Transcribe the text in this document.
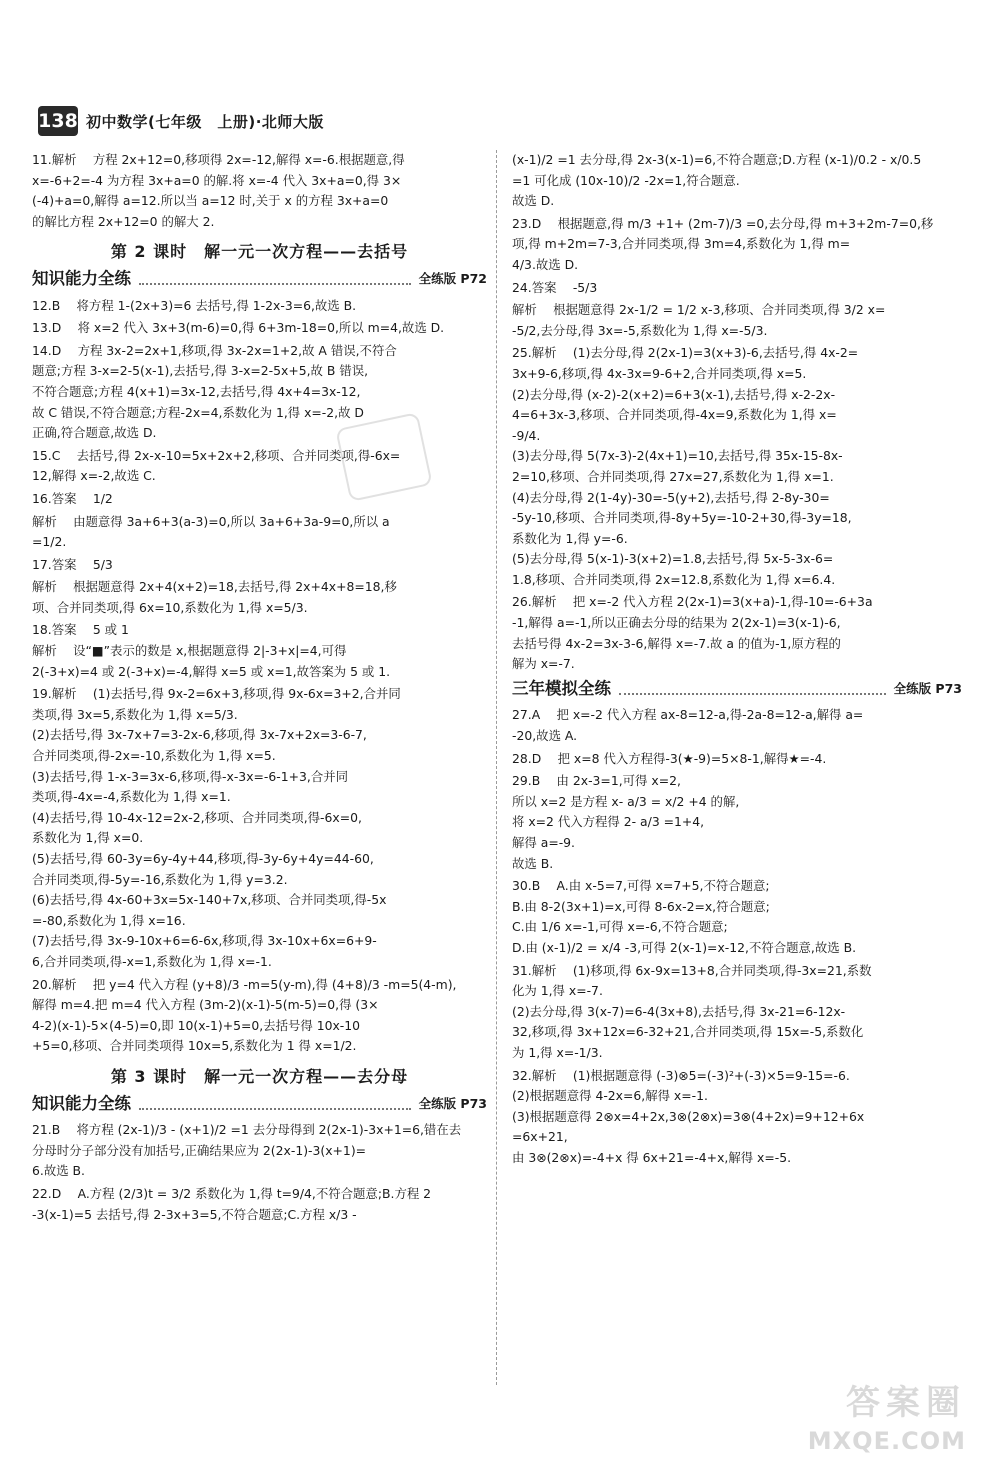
138 初中数学(七年级　上册)·北师大版
11.解析　 方程 2x+12=0,移项得 2x=-12,解得 x=-6.根据题意,得
x=-6+2=-4 为方程 3x+a=0 的解.将 x=-4 代入 3x+a=0,得 3×
(-4)+a=0,解得 a=12.所以当 a=12 时,关于 x 的方程 3x+a=0
的解比方程 2x+12=0 的解大 2.
第 2 课时　解一元一次方程——去括号
知识能力全练	全练版 P72
12.B　 将方程 1-(2x+3)=6 去括号,得 1-2x-3=6,故选 B.
13.D　 将 x=2 代入 3x+3(m-6)=0,得 6+3m-18=0,所以 m=4,故选 D.
14.D　 方程 3x-2=2x+1,移项,得 3x-2x=1+2,故 A 错误,不符合
题意;方程 3-x=2-5(x-1),去括号,得 3-x=2-5x+5,故 B 错误,
不符合题意;方程 4(x+1)=3x-12,去括号,得 4x+4=3x-12,
故 C 错误,不符合题意;方程-2x=4,系数化为 1,得 x=-2,故 D
正确,符合题意,故选 D.
15.C　 去括号,得 2x-x-10=5x+2x+2,移项、合并同类项,得-6x=
12,解得 x=-2,故选 C.
16.答案　 1/2
解析　 由题意得 3a+6+3(a-3)=0,所以 3a+6+3a-9=0,所以 a
=1/2.
17.答案　 5/3
解析　 根据题意得 2x+4(x+2)=18,去括号,得 2x+4x+8=18,移
项、合并同类项,得 6x=10,系数化为 1,得 x=5/3.
18.答案　 5 或 1
解析　 设“■”表示的数是 x,根据题意得 2|-3+x|=4,可得
2(-3+x)=4 或 2(-3+x)=-4,解得 x=5 或 x=1,故答案为 5 或 1.
19.解析　 (1)去括号,得 9x-2=6x+3,移项,得 9x-6x=3+2,合并同
类项,得 3x=5,系数化为 1,得 x=5/3.
(2)去括号,得 3x-7x+7=3-2x-6,移项,得 3x-7x+2x=3-6-7,
合并同类项,得-2x=-10,系数化为 1,得 x=5.
(3)去括号,得 1-x-3=3x-6,移项,得-x-3x=-6-1+3,合并同
类项,得-4x=-4,系数化为 1,得 x=1.
(4)去括号,得 10-4x-12=2x-2,移项、合并同类项,得-6x=0,
系数化为 1,得 x=0.
(5)去括号,得 60-3y=6y-4y+44,移项,得-3y-6y+4y=44-60,
合并同类项,得-5y=-16,系数化为 1,得 y=3.2.
(6)去括号,得 4x-60+3x=5x-140+7x,移项、合并同类项,得-5x
=-80,系数化为 1,得 x=16.
(7)去括号,得 3x-9-10x+6=6-6x,移项,得 3x-10x+6x=6+9-
6,合并同类项,得-x=1,系数化为 1,得 x=-1.
20.解析　 把 y=4 代入方程 (y+8)/3 -m=5(y-m),得 (4+8)/3 -m=5(4-m),
解得 m=4.把 m=4 代入方程 (3m-2)(x-1)-5(m-5)=0,得 (3×
4-2)(x-1)-5×(4-5)=0,即 10(x-1)+5=0,去括号得 10x-10
+5=0,移项、合并同类项得 10x=5,系数化为 1 得 x=1/2.
第 3 课时　解一元一次方程——去分母
知识能力全练	全练版 P73
21.B　 将方程 (2x-1)/3 - (x+1)/2 =1 去分母得到 2(2x-1)-3x+1=6,错在去
分母时分子部分没有加括号,正确结果应为 2(2x-1)-3(x+1)=
6.故选 B.
22.D　 A.方程 (2/3)t = 3/2 系数化为 1,得 t=9/4,不符合题意;B.方程 2
-3(x-1)=5 去括号,得 2-3x+3=5,不符合题意;C.方程 x/3 -
(x-1)/2 =1 去分母,得 2x-3(x-1)=6,不符合题意;D.方程 (x-1)/0.2 - x/0.5
=1 可化成 (10x-10)/2 -2x=1,符合题意.
故选 D.
23.D　 根据题意,得 m/3 +1+ (2m-7)/3 =0,去分母,得 m+3+2m-7=0,移
项,得 m+2m=7-3,合并同类项,得 3m=4,系数化为 1,得 m=
4/3.故选 D.
24.答案　 -5/3
解析　 根据题意得 2x-1/2 = 1/2 x-3,移项、合并同类项,得 3/2 x=
-5/2,去分母,得 3x=-5,系数化为 1,得 x=-5/3.
25.解析　 (1)去分母,得 2(2x-1)=3(x+3)-6,去括号,得 4x-2=
3x+9-6,移项,得 4x-3x=9-6+2,合并同类项,得 x=5.
(2)去分母,得 (x-2)-2(x+2)=6+3(x-1),去括号,得 x-2-2x-
4=6+3x-3,移项、合并同类项,得-4x=9,系数化为 1,得 x=
-9/4.
(3)去分母,得 5(7x-3)-2(4x+1)=10,去括号,得 35x-15-8x-
2=10,移项、合并同类项,得 27x=27,系数化为 1,得 x=1.
(4)去分母,得 2(1-4y)-30=-5(y+2),去括号,得 2-8y-30=
-5y-10,移项、合并同类项,得-8y+5y=-10-2+30,得-3y=18,
系数化为 1,得 y=-6.
(5)去分母,得 5(x-1)-3(x+2)=1.8,去括号,得 5x-5-3x-6=
1.8,移项、合并同类项,得 2x=12.8,系数化为 1,得 x=6.4.
26.解析　 把 x=-2 代入方程 2(2x-1)=3(x+a)-1,得-10=-6+3a
-1,解得 a=-1,所以正确去分母的结果为 2(2x-1)=3(x-1)-6,
去括号得 4x-2=3x-3-6,解得 x=-7.故 a 的值为-1,原方程的
解为 x=-7.
三年模拟全练	全练版 P73
27.A　 把 x=-2 代入方程 ax-8=12-a,得-2a-8=12-a,解得 a=
-20,故选 A.
28.D　 把 x=8 代入方程得-3(★-9)=5×8-1,解得★=-4.
29.B　 由 2x-3=1,可得 x=2,
所以 x=2 是方程 x- a/3 = x/2 +4 的解,
将 x=2 代入方程得 2- a/3 =1+4,
解得 a=-9.
故选 B.
30.B　 A.由 x-5=7,可得 x=7+5,不符合题意;
B.由 8-2(3x+1)=x,可得 8-6x-2=x,符合题意;
C.由 1/6 x=-1,可得 x=-6,不符合题意;
D.由 (x-1)/2 = x/4 -3,可得 2(x-1)=x-12,不符合题意,故选 B.
31.解析　 (1)移项,得 6x-9x=13+8,合并同类项,得-3x=21,系数
化为 1,得 x=-7.
(2)去分母,得 3(x-7)=6-4(3x+8),去括号,得 3x-21=6-12x-
32,移项,得 3x+12x=6-32+21,合并同类项,得 15x=-5,系数化
为 1,得 x=-1/3.
32.解析　 (1)根据题意得 (-3)⊗5=(-3)²+(-3)×5=9-15=-6.
(2)根据题意得 4-2x=6,解得 x=-1.
(3)根据题意得 2⊗x=4+2x,3⊗(2⊗x)=3⊗(4+2x)=9+12+6x
=6x+21,
由 3⊗(2⊗x)=-4+x 得 6x+21=-4+x,解得 x=-5.
答案圈
MXQE.COM
